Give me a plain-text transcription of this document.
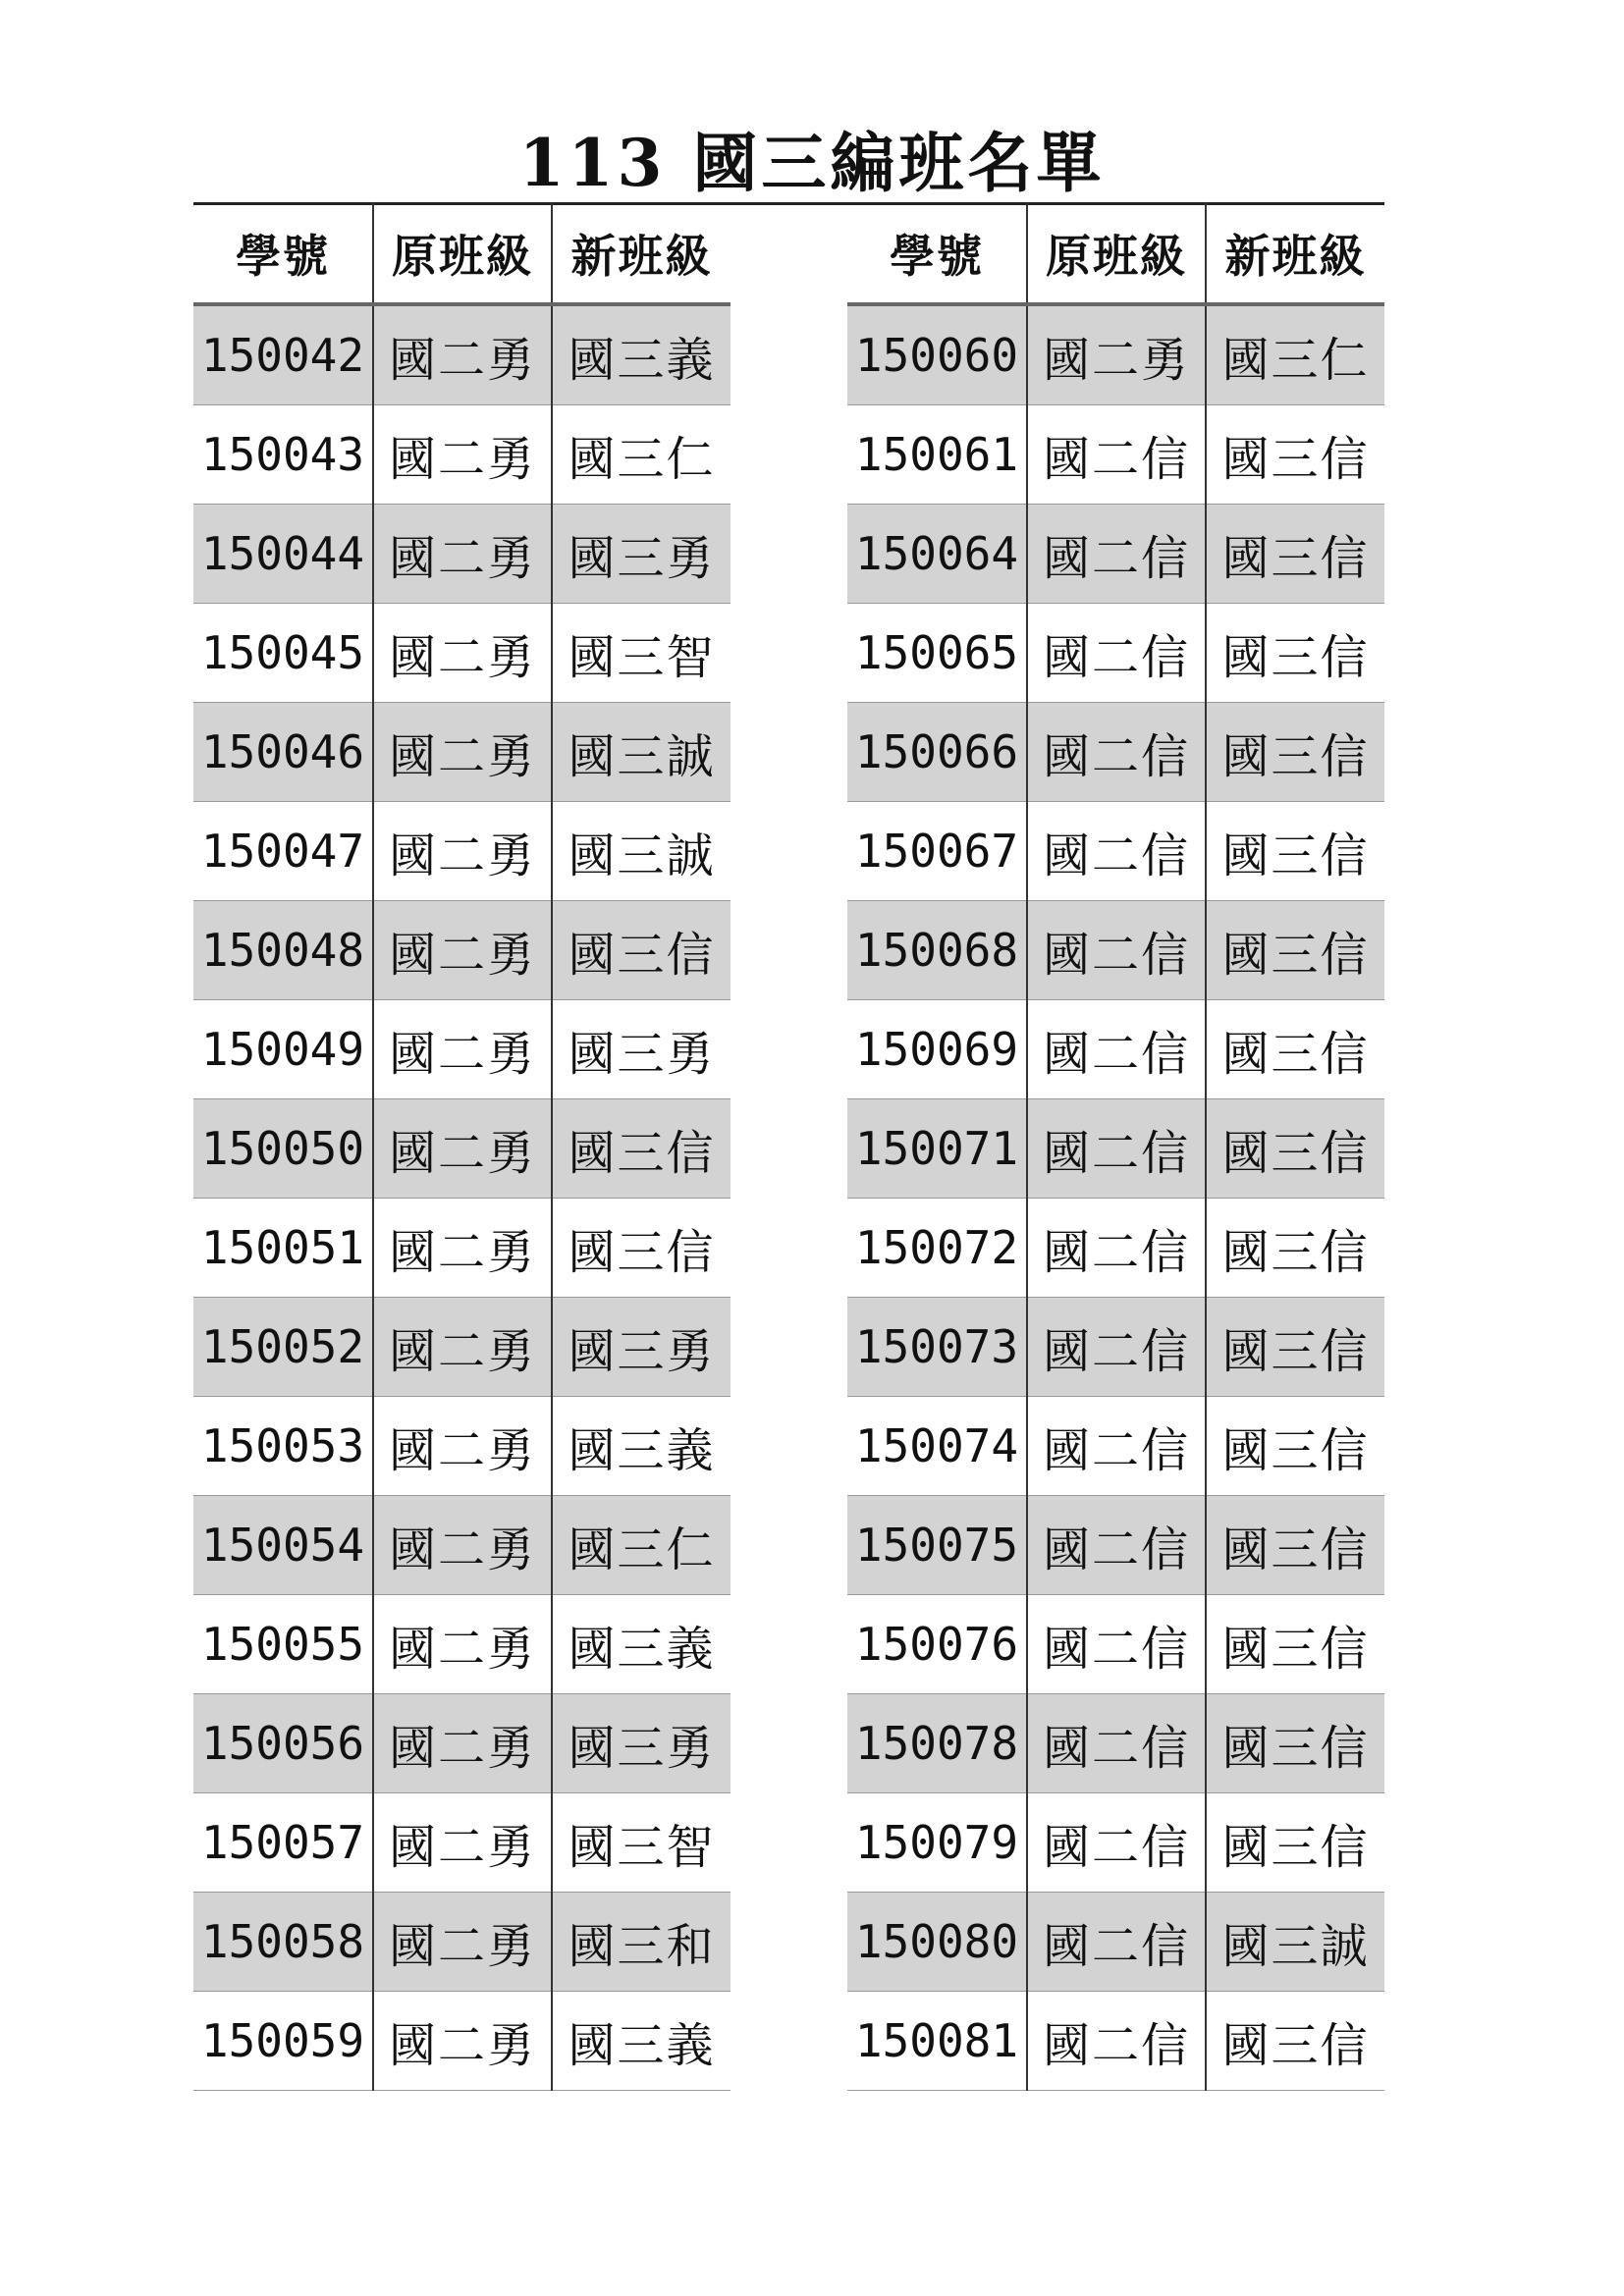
113 國三編班名單
學號	原班級	新班級
150042	國二勇	國三義
150043	國二勇	國三仁
150044	國二勇	國三勇
150045	國二勇	國三智
150046	國二勇	國三誠
150047	國二勇	國三誠
150048	國二勇	國三信
150049	國二勇	國三勇
150050	國二勇	國三信
150051	國二勇	國三信
150052	國二勇	國三勇
150053	國二勇	國三義
150054	國二勇	國三仁
150055	國二勇	國三義
150056	國二勇	國三勇
150057	國二勇	國三智
150058	國二勇	國三和
150059	國二勇	國三義
學號	原班級	新班級
150060	國二勇	國三仁
150061	國二信	國三信
150064	國二信	國三信
150065	國二信	國三信
150066	國二信	國三信
150067	國二信	國三信
150068	國二信	國三信
150069	國二信	國三信
150071	國二信	國三信
150072	國二信	國三信
150073	國二信	國三信
150074	國二信	國三信
150075	國二信	國三信
150076	國二信	國三信
150078	國二信	國三信
150079	國二信	國三信
150080	國二信	國三誠
150081	國二信	國三信
